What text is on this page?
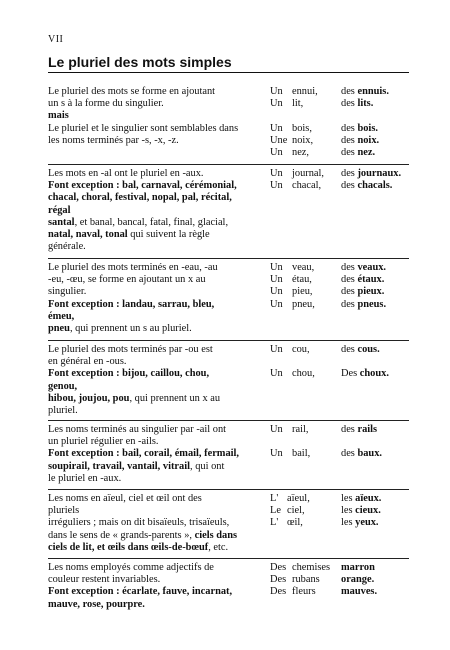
VII
Le pluriel des mots simples

Le pluriel des mots se forme en ajoutant

un s à la forme du singulier.

mais

Le pluriel et le singulier sont semblables dans

les noms terminés par -s, -x, -z.

Un ennui, des ennuis.
Un lit,	des lits.
Un bois,	des bois.
Une noix,	des noix.
Un nez,	des nez.

Les mots en -al ont le pluriel en -aux.

Font exception : bal, carnaval, cérémonial,

chacal, choral, festival, nopal, pal, récital,

régal

santal, et banal, bancal, fatal, final, glacial,

natal, naval, tonal qui suivent la règle

générale.

Un journal, des journaux.
Un chacal, des chacals.

Le pluriel des mots terminés en -eau, -au

-eu, -œu, se forme en ajoutant un x au

singulier.

Font exception : landau, sarrau, bleu,

émeu,

pneu, qui prennent un s au pluriel.

Un veau,	des veaux.
Un étau,	des étaux.
Un pieu,	des pieux.
Un pneu,	des pneus.

Le pluriel des mots terminés par -ou est

en général en -ous.

Font exception : bijou, caillou, chou,

genou,

hibou, joujou, pou, qui prennent un x au

pluriel.

Un cou,	des cous.
Un chou,	Des choux.

Les noms terminés au singulier par -ail ont

un pluriel régulier en -ails.

Font exception : bail, corail, émail, fermail,

soupirail, travail, vantail, vitrail, qui ont

le pluriel en -aux.

Un rail,	des rails
Un bail,	des baux.

Les noms en aïeul, ciel et œil ont des

pluriels

irréguliers ; mais on dit bisaïeuls, trisaïeuls,

dans le sens de « grands-parents », ciels dans

ciels de lit, et œils dans œils-de-bœuf, etc.

L' aïeul,	les aïeux.
Le ciel,	les cieux.
L' œil,	les yeux.

Les noms employés comme adjectifs de

couleur restent invariables.

Font exception : écarlate, fauve, incarnat,

mauve, rose, pourpre.

Des chemises marron
Des rubans orange.
Des fleurs mauves.
